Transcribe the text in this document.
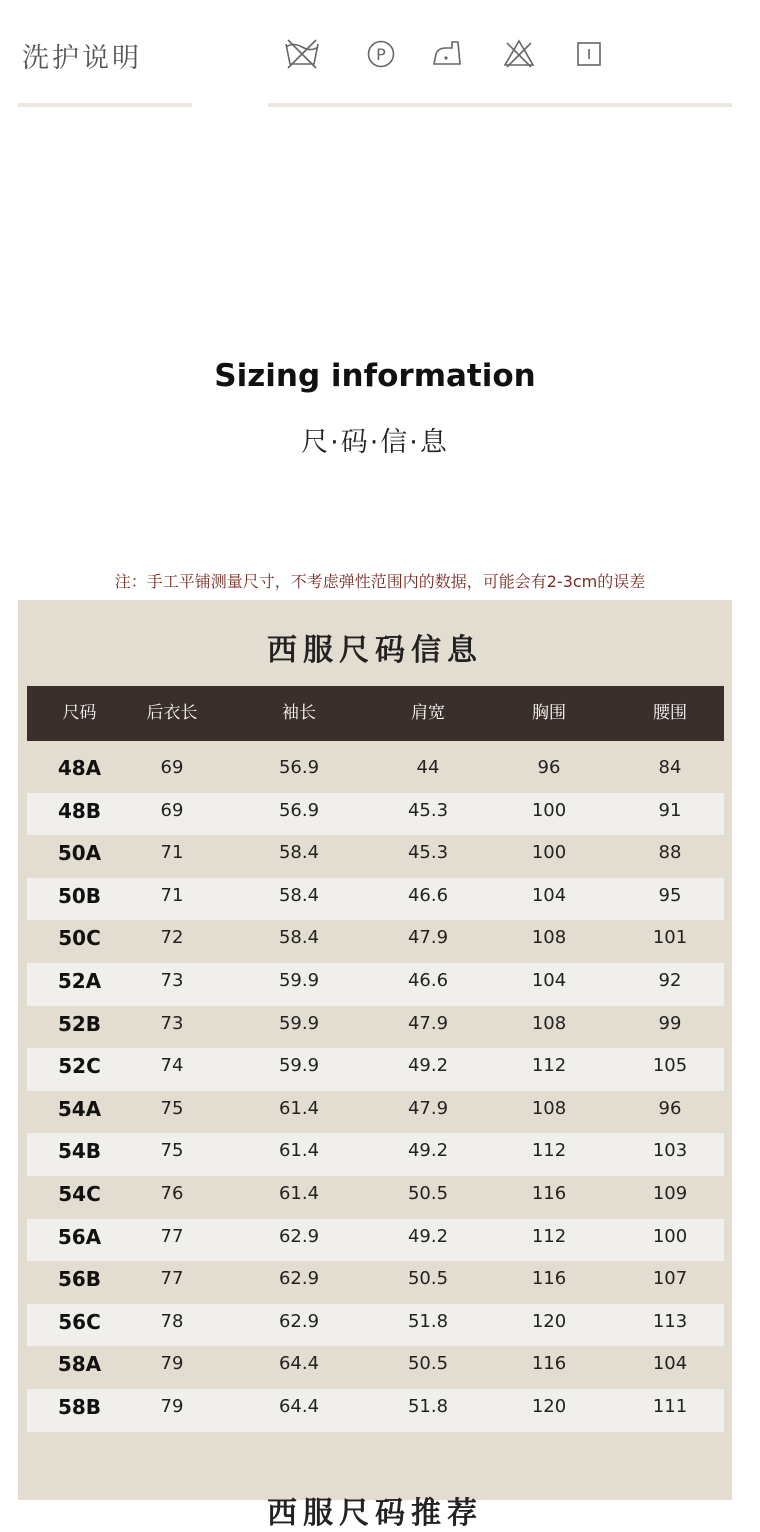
洗护说明	P
Sizing information
尺·码·信·息
注：手工平铺测量尺寸，不考虑弹性范围内的数据，可能会有2-3cm的误差
西服尺码信息
尺码	后衣长	袖长	肩宽	胸围	腰围
48A	69	56.9	44	96	84
48B	69	56.9	45.3	100	91
50A	71	58.4	45.3	100	88
50B	71	58.4	46.6	104	95
50C	72	58.4	47.9	108	101
52A	73	59.9	46.6	104	92
52B	73	59.9	47.9	108	99
52C	74	59.9	49.2	112	105
54A	75	61.4	47.9	108	96
54B	75	61.4	49.2	112	103
54C	76	61.4	50.5	116	109
56A	77	62.9	49.2	112	100
56B	77	62.9	50.5	116	107
56C	78	62.9	51.8	120	113
58A	79	64.4	50.5	116	104
58B	79	64.4	51.8	120	111
西服尺码推荐
